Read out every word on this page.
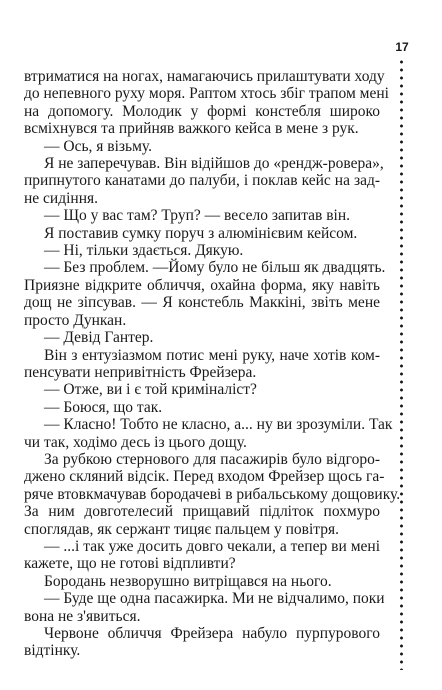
17
втриматися на ногах, намагаючись прилаштувати ходу
до непевного руху моря. Раптом хтось збіг трапом мені
на допомогу. Молодик у формі констебля широко
всміхнувся та прийняв важкого кейса в мене з рук.
— Ось, я візьму.
Я не заперечував. Він відійшов до «рендж-ровера»,
припнутого канатами до палуби, і поклав кейс на зад-
не сидіння.
— Що у вас там? Труп? — весело запитав він.
Я поставив сумку поруч з алюмінієвим кейсом.
— Ні, тільки здається. Дякую.
— Без проблем. —Йому було не більш як двадцять.
Приязне відкрите обличчя, охайна форма, яку навіть
дощ не зіпсував. — Я констебль Маккіні, звіть мене
просто Дункан.
— Девід Гантер.
Він з ентузіазмом потис мені руку, наче хотів ком-
пенсувати непривітність Фрейзера.
— Отже, ви і є той криміналіст?
— Боюся, що так.
— Класно! Тобто не класно, а... ну ви зрозуміли. Так
чи так, ходімо десь із цього дощу.
За рубкою стернового для пасажирів було відгоро-
джено скляний відсік. Перед входом Фрейзер щось га-
ряче втовкмачував бородачеві в рибальському дощовику.
За ним довготелесий прищавий підліток похмуро
споглядав, як сержант тицяє пальцем у повітря.
— ...і так уже досить довго чекали, а тепер ви мені
кажете, що не готові відпливти?
Бородань незворушно витріщався на нього.
— Буде ще одна пасажирка. Ми не відчалимо, поки
вона не з'явиться.
Червоне обличчя Фрейзера набуло пурпурового
відтінку.
